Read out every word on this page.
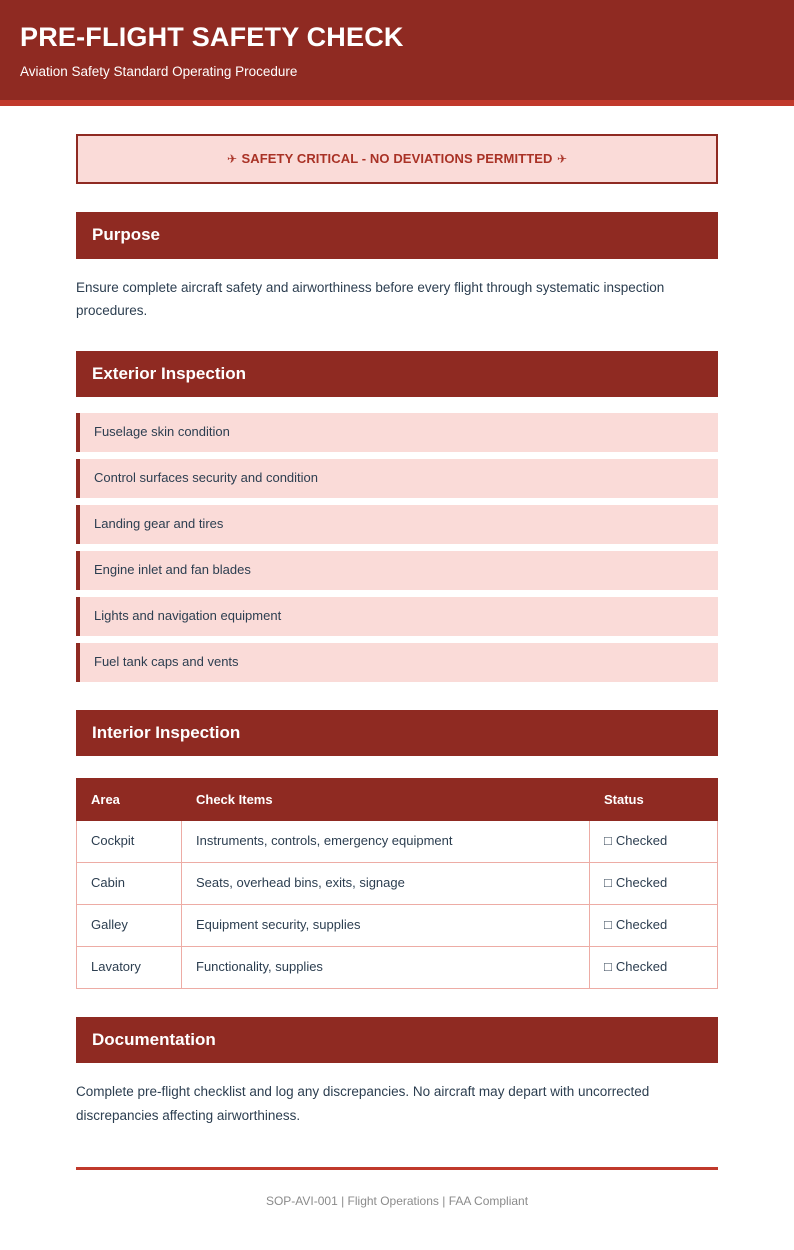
PRE-FLIGHT SAFETY CHECK

Aviation Safety Standard Operating Procedure

✈ SAFETY CRITICAL - NO DEVIATIONS PERMITTED ✈
Purpose

Ensure complete aircraft safety and airworthiness before every flight through systematic inspection procedures.

Exterior Inspection
Fuselage skin condition
Control surfaces security and condition
Landing gear and tires
Engine inlet and fan blades
Lights and navigation equipment
Fuel tank caps and vents
Interior Inspection
Area	Check Items	Status
Cockpit	Instruments, controls, emergency equipment	□ Checked
Cabin	Seats, overhead bins, exits, signage	□ Checked
Galley	Equipment security, supplies	□ Checked
Lavatory	Functionality, supplies	□ Checked
Documentation

Complete pre-flight checklist and log any discrepancies. No aircraft may depart with uncorrected discrepancies affecting airworthiness.

SOP-AVI-001 | Flight Operations | FAA Compliant
